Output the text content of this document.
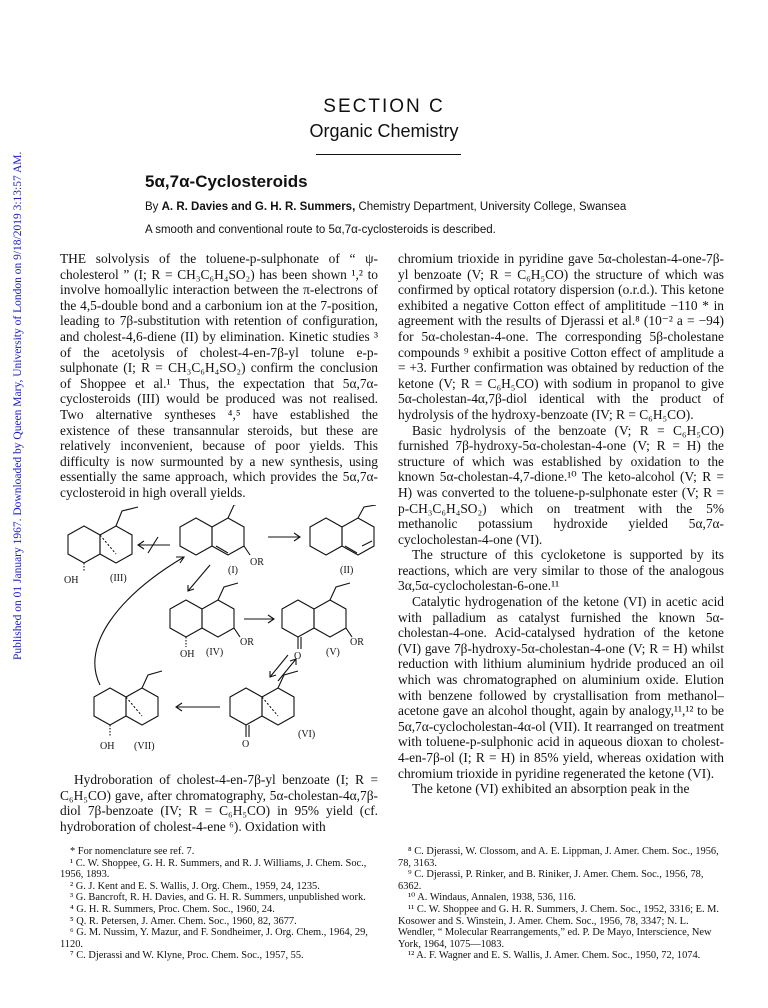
Published on 01 January 1967. Downloaded by Queen Mary, University of London on 9/18/2019 3:13:57 AM.
SECTION C
Organic Chemistry
5α,7α-Cyclosteroids
By A. R. Davies and G. H. R. Summers, Chemistry Department, University College, Swansea
A smooth and conventional route to 5α,7α-cyclosteroids is described.

THE solvolysis of the toluene-p-sulphonate of “ ψ-cholesterol ” (I; R = CH₃C₆H₄SO₂) has been shown ¹,² to involve homoallylic interaction between the π-electrons of the 4,5-double bond and a carbonium ion at the 7-position, leading to 7β-substitution with retention of configuration, and cholest-4,6-diene (II) by elimination. Kinetic studies ³ of the acetolysis of cholest-4-en-7β-yl tolune e-p-sulphonate (I; R = CH₃C₆H₄SO₂) confirm the conclusion of Shoppee et al.¹ Thus, the expectation that 5α,7α-cyclosteroids (III) would be produced was not realised. Two alternative syntheses ⁴,⁵ have established the existence of these transannular steroids, but these are relatively inconvenient, because of poor yields. This difficulty is now surmounted by a new synthesis, using essentially the same approach, which provides the 5α,7α-cyclosteroid in high overall yields.

OH	(III)
OR
(I)	(II)
OR
OH (IV)
OR
O (V)
O
(VI)
OH (VII)

Hydroboration of cholest-4-en-7β-yl benzoate (I; R = C₆H₅CO) gave, after chromatography, 5α-cholestan-4α,7β-diol 7β-benzoate (IV; R = C₆H₅CO) in 95% yield (cf. hydroboration of cholest-4-ene ⁶). Oxidation with

chromium trioxide in pyridine gave 5α-cholestan-4-one-7β-yl benzoate (V; R = C₆H₅CO) the structure of which was confirmed by optical rotatory dispersion (o.r.d.). This ketone exhibited a negative Cotton effect of amplititude −110 * in agreement with the results of Djerassi et al.⁸ (10⁻² a = −94) for 5α-cholestan-4-one. The corresponding 5β-cholestane compounds ⁹ exhibit a positive Cotton effect of amplitude a = +3. Further confirmation was obtained by reduction of the ketone (V; R = C₆H₅CO) with sodium in propanol to give 5α-cholestan-4α,7β-diol identical with the product of hydrolysis of the hydroxy-benzoate (IV; R = C₆H₅CO).

Basic hydrolysis of the benzoate (V; R = C₆H₅CO) furnished 7β-hydroxy-5α-cholestan-4-one (V; R = H) the structure of which was established by oxidation to the known 5α-cholestan-4,7-dione.¹⁰ The keto-alcohol (V; R = H) was converted to the toluene-p-sulphonate ester (V; R = p-CH₃C₆H₄SO₂) which on treatment with the 5% methanolic potassium hydroxide yielded 5α,7α-cyclocholestan-4-one (VI).

The structure of this cycloketone is supported by its reactions, which are very similar to those of the analogous 3α,5α-cyclocholestan-6-one.¹¹

Catalytic hydrogenation of the ketone (VI) in acetic acid with palladium as catalyst furnished the known 5α-cholestan-4-one. Acid-catalysed hydration of the ketone (VI) gave 7β-hydroxy-5α-cholestan-4-one (V; R = H) whilst reduction with lithium aluminium hydride produced an oil which was chromatographed on aluminium oxide. Elution with benzene followed by crystallisation from methanol–acetone gave an alcohol thought, again by analogy,¹¹,¹² to be 5α,7α-cyclocholestan-4α-ol (VII). It rearranged on treatment with toluene-p-sulphonic acid in aqueous dioxan to cholest-4-en-7β-ol (I; R = H) in 85% yield, whereas oxidation with chromium trioxide in pyridine regenerated the ketone (VI).

The ketone (VI) exhibited an absorption peak in the

* For nomenclature see ref. 7.

¹ C. W. Shoppee, G. H. R. Summers, and R. J. Williams, J. Chem. Soc., 1956, 1893.

² G. J. Kent and E. S. Wallis, J. Org. Chem., 1959, 24, 1235.

³ G. Bancroft, R. H. Davies, and G. H. R. Summers, unpublished work.

⁴ G. H. R. Summers, Proc. Chem. Soc., 1960, 24.

⁵ Q. R. Petersen, J. Amer. Chem. Soc., 1960, 82, 3677.

⁶ G. M. Nussim, Y. Mazur, and F. Sondheimer, J. Org. Chem., 1964, 29, 1120.

⁷ C. Djerassi and W. Klyne, Proc. Chem. Soc., 1957, 55.

⁸ C. Djerassi, W. Clossom, and A. E. Lippman, J. Amer. Chem. Soc., 1956, 78, 3163.

⁹ C. Djerassi, P. Rinker, and B. Riniker, J. Amer. Chem. Soc., 1956, 78, 6362.

¹⁰ A. Windaus, Annalen, 1938, 536, 116.

¹¹ C. W. Shoppee and G. H. R. Summers, J. Chem. Soc., 1952, 3316; E. M. Kosower and S. Winstein, J. Amer. Chem. Soc., 1956, 78, 3347; N. L. Wendler, “ Molecular Rearrangements,” ed. P. De Mayo, Interscience, New York, 1964, 1075—1083.

¹² A. F. Wagner and E. S. Wallis, J. Amer. Chem. Soc., 1950, 72, 1074.
